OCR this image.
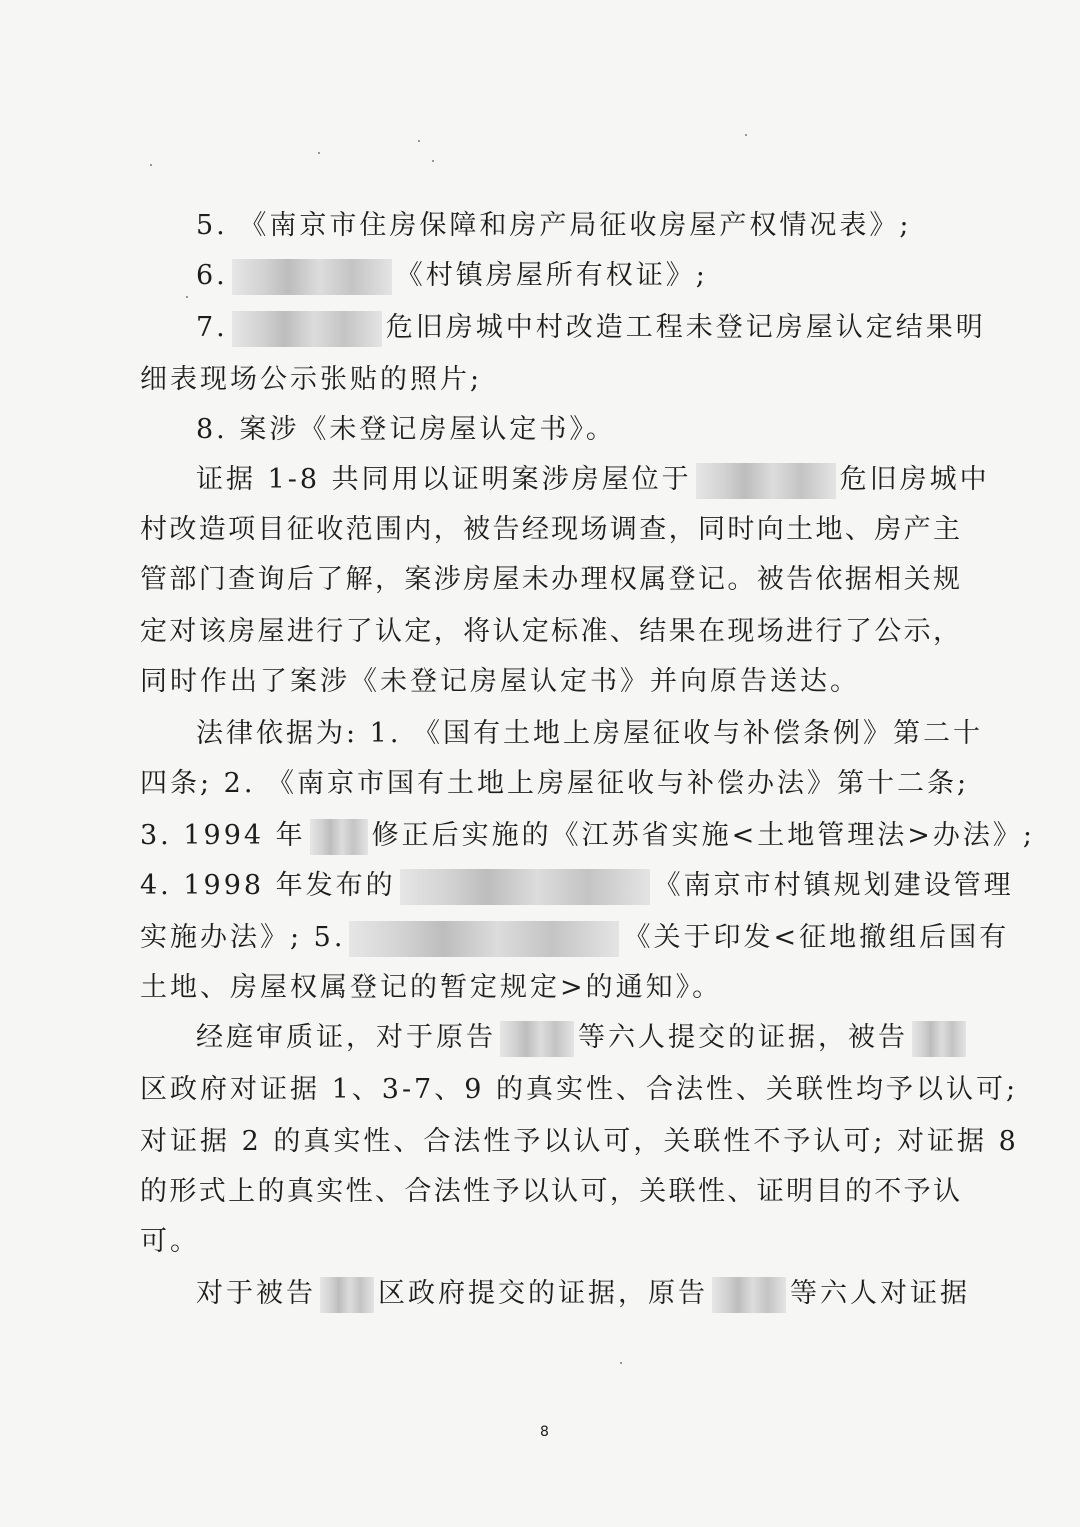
5. 《南京市住房保障和房产局征收房屋产权情况表》;
6.	《村镇房屋所有权证》;
7.	危旧房城中村改造工程未登记房屋认定结果明
细表现场公示张贴的照片;
8. 案涉《未登记房屋认定书》。
证据 1-8 共同用以证明案涉房屋位于	危旧房城中
村改造项目征收范围内，被告经现场调查，同时向土地、房产主
管部门查询后了解，案涉房屋未办理权属登记。被告依据相关规
定对该房屋进行了认定，将认定标准、结果在现场进行了公示，
同时作出了案涉《未登记房屋认定书》并向原告送达。
法律依据为: 1. 《国有土地上房屋征收与补偿条例》第二十
四条; 2. 《南京市国有土地上房屋征收与补偿办法》第十二条;
3. 1994 年 修正后实施的《江苏省实施<土地管理法>办法》;
4. 1998 年发布的	《南京市村镇规划建设管理
实施办法》; 5.	《关于印发<征地撤组后国有
土地、房屋权属登记的暂定规定>的通知》。
经庭审质证，对于原告	等六人提交的证据，被告
区政府对证据 1、3-7、9 的真实性、合法性、关联性均予以认可;
对证据 2 的真实性、合法性予以认可，关联性不予认可; 对证据 8
的形式上的真实性、合法性予以认可，关联性、证明目的不予认
可。
对于被告 区政府提交的证据，原告	等六人对证据
8
